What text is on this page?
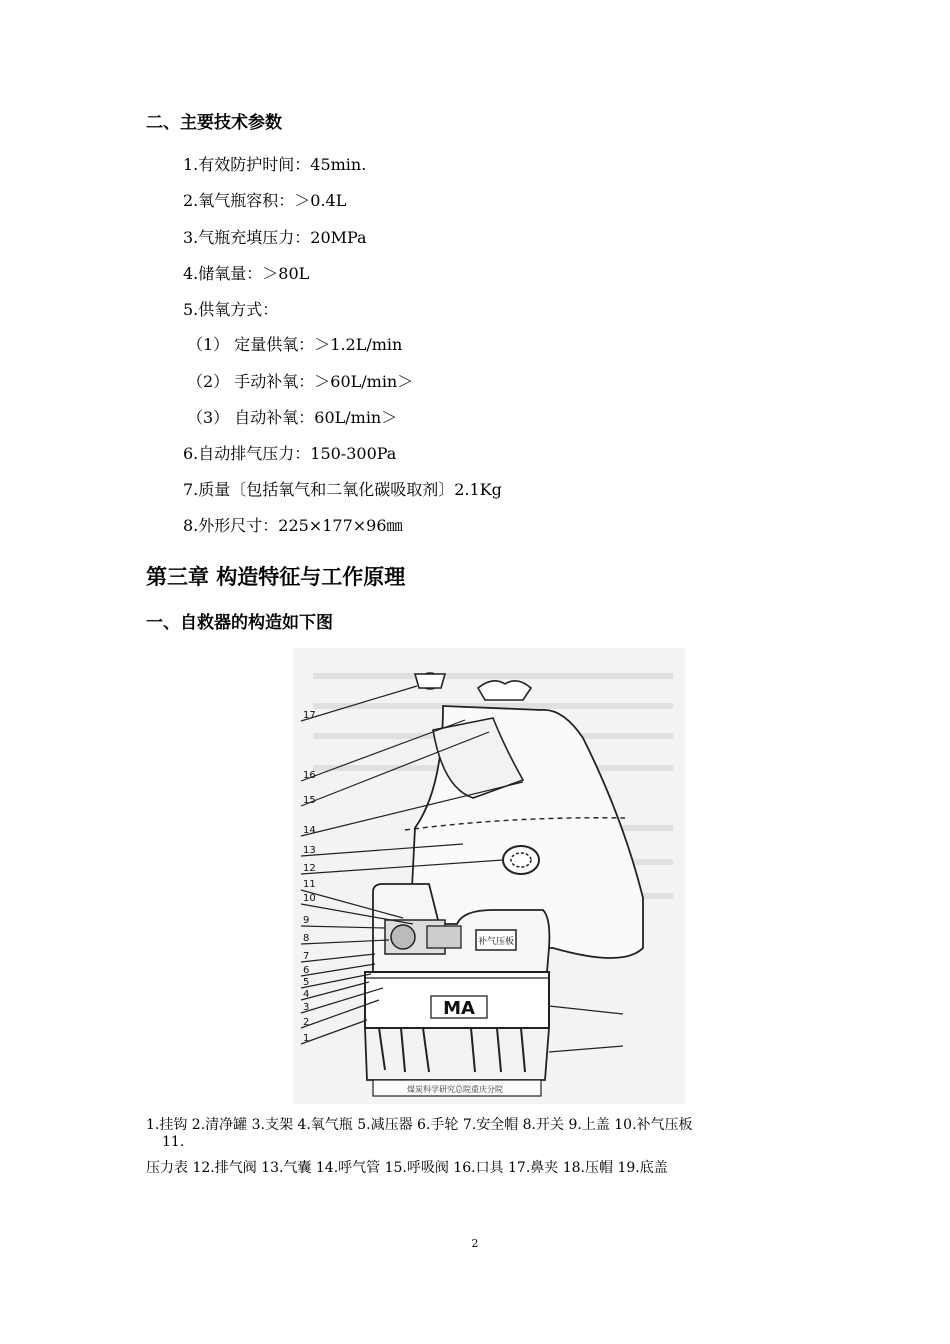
二、主要技术参数
1.有效防护时间：45min.
2.氧气瓶容积：＞0.4L
3.气瓶充填压力：20MPa
4.储氧量：＞80L
5.供氧方式：
（1） 定量供氧：＞1.2L/min
（2） 手动补氧：＞60L/min＞
（3） 自动补氧：60L/min＞
6.自动排气压力：150-300Pa
7.质量〔包括氧气和二氧化碳吸取剂〕2.1Kg
8.外形尺寸：225×177×96㎜
第三章 构造特征与工作原理
一、自救器的构造如下图
补气压板
MA
煤炭科学研究总院重庆分院
17
16
15
14
13
12
11
10
9
8
7
6
5
4
3
2
1
1.挂钩 2.清净罐 3.支架 4.氧气瓶 5.减压器 6.手轮 7.安全帽 8.开关 9.上盖 10.补气压板
11.
压力表 12.排气阀 13.气囊 14.呼气管 15.呼吸阀 16.口具 17.鼻夹 18.压帽 19.底盖
2
